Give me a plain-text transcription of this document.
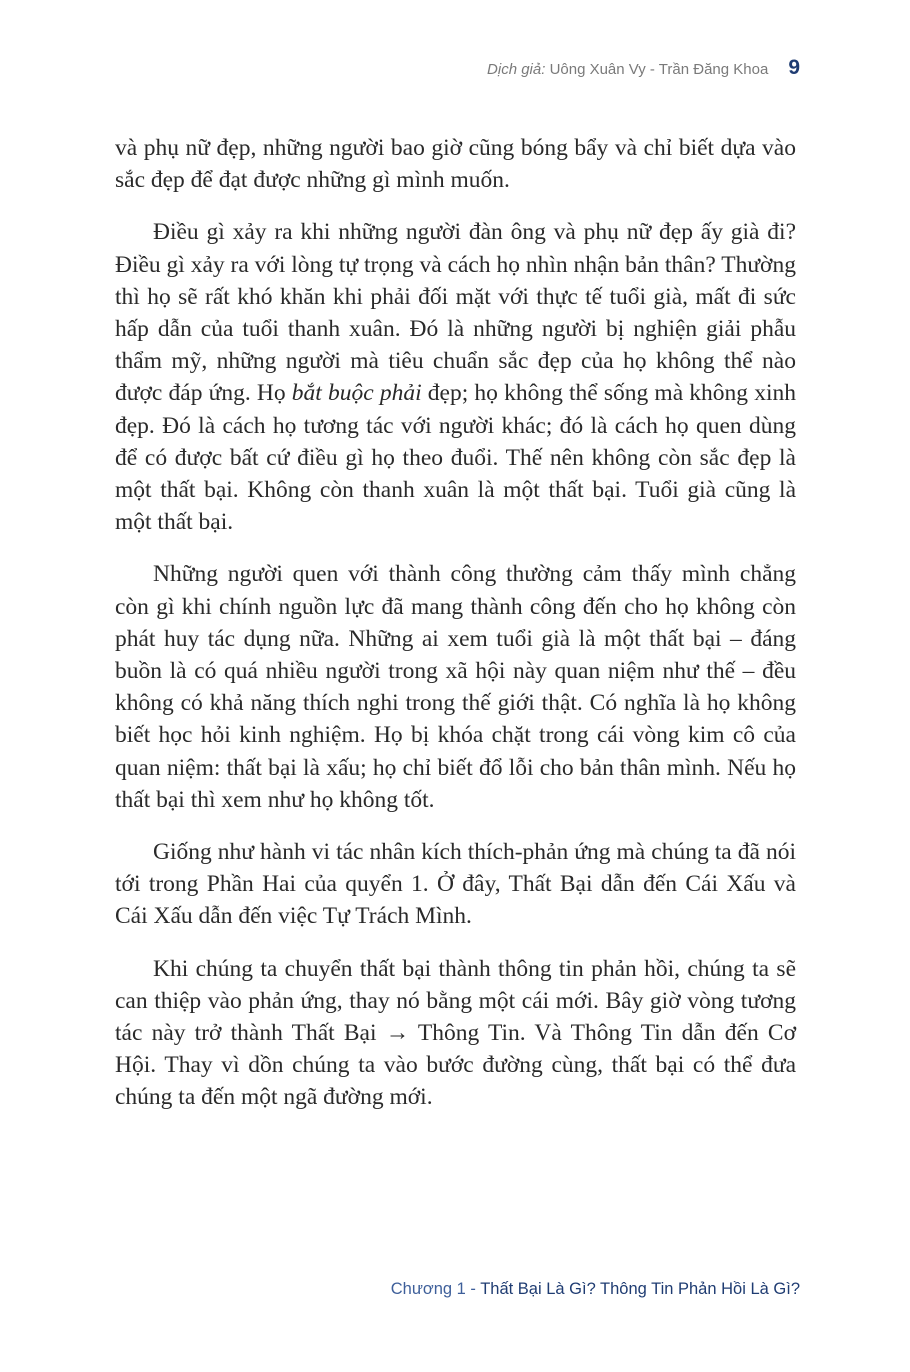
Dịch giả: Uông Xuân Vy - Trần Đăng Khoa 9

và phụ nữ đẹp, những người bao giờ cũng bóng bẩy và chỉ biết dựa vào sắc đẹp để đạt được những gì mình muốn.

Điều gì xảy ra khi những người đàn ông và phụ nữ đẹp ấy già đi? Điều gì xảy ra với lòng tự trọng và cách họ nhìn nhận bản thân? Thường thì họ sẽ rất khó khăn khi phải đối mặt với thực tế tuổi già, mất đi sức hấp dẫn của tuổi thanh xuân. Đó là những người bị nghiện giải phẫu thẩm mỹ, những người mà tiêu chuẩn sắc đẹp của họ không thể nào được đáp ứng. Họ bắt buộc phải đẹp; họ không thể sống mà không xinh đẹp. Đó là cách họ tương tác với người khác; đó là cách họ quen dùng để có được bất cứ điều gì họ theo đuổi. Thế nên không còn sắc đẹp là một thất bại. Không còn thanh xuân là một thất bại. Tuổi già cũng là một thất bại.

Những người quen với thành công thường cảm thấy mình chẳng còn gì khi chính nguồn lực đã mang thành công đến cho họ không còn phát huy tác dụng nữa. Những ai xem tuổi già là một thất bại – đáng buồn là có quá nhiều người trong xã hội này quan niệm như thế – đều không có khả năng thích nghi trong thế giới thật. Có nghĩa là họ không biết học hỏi kinh nghiệm. Họ bị khóa chặt trong cái vòng kim cô của quan niệm: thất bại là xấu; họ chỉ biết đổ lỗi cho bản thân mình. Nếu họ thất bại thì xem như họ không tốt.

Giống như hành vi tác nhân kích thích-phản ứng mà chúng ta đã nói tới trong Phần Hai của quyển 1. Ở đây, Thất Bại dẫn đến Cái Xấu và Cái Xấu dẫn đến việc Tự Trách Mình.

Khi chúng ta chuyển thất bại thành thông tin phản hồi, chúng ta sẽ can thiệp vào phản ứng, thay nó bằng một cái mới. Bây giờ vòng tương tác này trở thành Thất Bại → Thông Tin. Và Thông Tin dẫn đến Cơ Hội. Thay vì dồn chúng ta vào bước đường cùng, thất bại có thể đưa chúng ta đến một ngã đường mới.

Chương 1 - Thất Bại Là Gì? Thông Tin Phản Hồi Là Gì?
